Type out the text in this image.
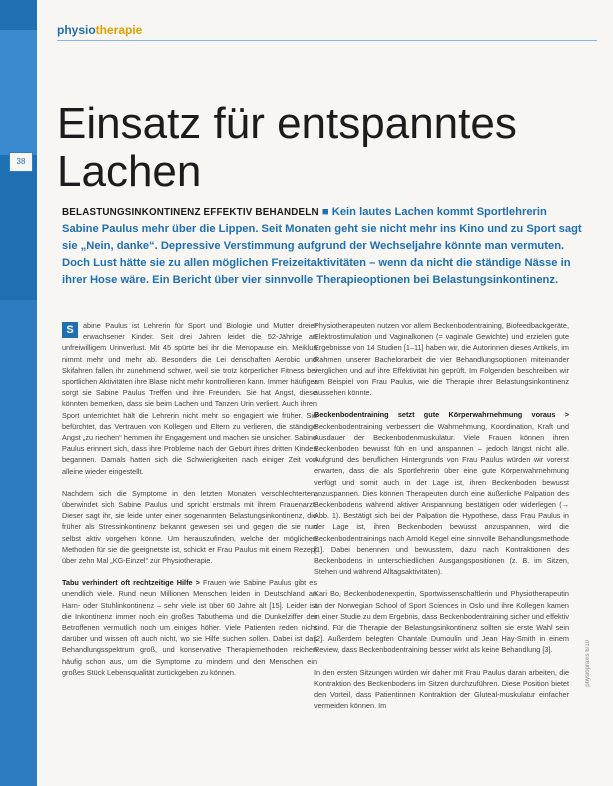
38
physiotherapie
Einsatz für entspanntes
Lachen
BELASTUNGSINKONTINENZ EFFEKTIV BEHANDELN ■ Kein lautes Lachen kommt Sportlehrerin Sabine Paulus mehr über die Lippen. Seit Monaten geht sie nicht mehr ins Kino und zu Sport sagt sie „Nein, danke“. Depressive Verstimmung aufgrund der Wechseljahre könnte man vermuten. Doch Lust hätte sie zu allen möglichen Freizeitaktivitäten – wenn da nicht die ständige Nässe in ihrer Hose wäre. Ein Bericht über vier sinnvolle Therapieoptionen bei Belastungsinkontinenz.

S	abine Paulus ist Lehrerin für Sport und Biologie und Mutter dreier erwachsener Kinder. Seit drei Jahren leidet die 52-Jährige an unfreiwilligem Urinverlust. Mit 45 spürte bei ihr die Menopause ein. Meiklus nimmt mehr und mehr ab. Besonders die Lei denschaften Aerobic und Skifahren fallen ihr zunehmend schwer, weil sie trotz körperlicher Fitness bei sportlichen Aktivitäten ihre Blase nicht mehr kontrollieren kann. Immer häufiger sorgt sie Sabine Paulus Treffen und ihre Freunden. Sie hat Angst, diese könnten bemerken, dass sie beim Lachen und Tanzen Urin verliert. Auch ihren Sport unterrichtet hält die Lehrerin nicht mehr so engagiert wie früher. Sie befürchtet, das Vertrauen von Kollegen und Eltern zu verlieren, die ständige Angst „zu riechen“ hemmen ihr Engagement und machen sie unsicher. Sabine Paulus erinnert sich, dass ihre Probleme nach der Geburt ihres dritten Kindes begannen. Damals hatten sich die Schwierigkeiten nach einiger Zeit von alleine wieder eingestellt.

Nachdem sich die Symptome in den letzten Monaten verschlechterten, überwindet sich Sabine Paulus und spricht erstmals mit ihrem Frauenarzt. Dieser sagt ihr, sie leide unter einer sogenannten Belastungsinkontinenz, die früher als Stressinkontinenz bekannt gewesen sei und gegen die sie nun selbst aktiv vorgehen könne. Um herauszufinden, welche der möglichen Methoden für sie die geeignetste ist, schickt er Frau Paulus mit einem Rezept über zehn Mal „KG-Einzel“ zur Physiotherapie.

Tabu verhindert oft rechtzeitige Hilfe > Frauen wie Sabine Paulus gibt es unendlich viele. Rund neun Millionen Menschen leiden in Deutschland an Harn- oder Stuhlinkontinenz – sehr viele ist über 60 Jahre alt [15]. Leider ist die Inkontinenz immer noch ein großes Tabuthema und die Dunkelziffer der Betroffenen vermutlich noch um einiges höher. Viele Patienten reden nicht darüber und wissen oft auch nicht, wo sie Hilfe suchen sollen. Dabei ist das Behandlungsspektrum groß, und konservative Therapiemethoden reichen häufig schon aus, um die Symptome zu mindern und den Menschen ein großes Stück Lebensqualität zurückgeben zu können.

Physiotherapeuten nutzen vor allem Beckenbodentraining, Biofeedbackgeräte, Elektrostimulation und Vaginalkonen (= vaginale Gewichte) und erzielen gute Ergebnisse von 14 Studien [1–11] haben wir, die Autorinnen dieses Artikels, im Rahmen unserer Bachelorarbeit die vier Behandlungsoptionen miteinander verglichen und auf ihre Effektivität hin geprüft. Im Folgenden beschreiben wir am Beispiel von Frau Paulus, wie die Therapie ihrer Belastungsinkontinenz aussehen könnte.

Beckenbodentraining setzt gute Körperwahrnehmung voraus > Beckenbodentraining verbessert die Wahrnehmung, Koordination, Kraft und Ausdauer der Beckenbodenmuskulatur. Viele Frauen können ihren Beckenboden bewusst füh en und anspannen – jedoch längst nicht alle. Aufgrund des beruflichen Hintergrunds von Frau Paulus würden wir vorerst erwarten, dass die als Sportlehrerin über eine gute Körperwahrnehmung verfügt und somit auch in der Lage ist, ihren Beckenboden bewusst anzuspannen. Dies können Therapeuten durch eine äußerliche Palpation des Beckenbodens während aktiver Anspannung bestätigen oder widerlegen (→ Abb. 1). Bestätigt sich bei der Palpation die Hypothese, dass Frau Paulus in der Lage ist, ihren Beckenboden bewusst anzuspannen, wird die Beckenbodentrainings nach Arnold Kegel eine sinnvolle Behandlungsmethode [1]. Dabei benennen und bewusstem, dazu nach Kontraktionen des Beckenbodens in unterschiedlichen Ausgangspositionen (z. B. im Sitzen, Stehen und während Alltagsaktivitäten).

Kari Bo, Beckenbodenexpertin, Sportwissenschaftlerin und Physiotherapeutin an der Norwegian School of Sport Sciences in Oslo und ihre Kollegen kamen in einer Studie zu dem Ergebnis, dass Beckenbodentraining sicher und effektiv sind. Für die Therapie der Belastungsinkontinenz sollten sie erste Wahl sein [2]. Außerdem belegten Chantale Dumoulin und Jean Hay-Smith in einem Review, dass Beckenbodentraining besser wirkt als keine Behandlung [3].

In den ersten Sitzungen würden wir daher mit Frau Paulus daran arbeiten, die Kontraktion des Beckenbodens im Sitzen durchzuführen. Diese Position bietet den Vorteil, dass Patientinnen Kontraktion der Gluteal-muskulatur einfacher vermeiden können. Im

physiopraxis 6/10
